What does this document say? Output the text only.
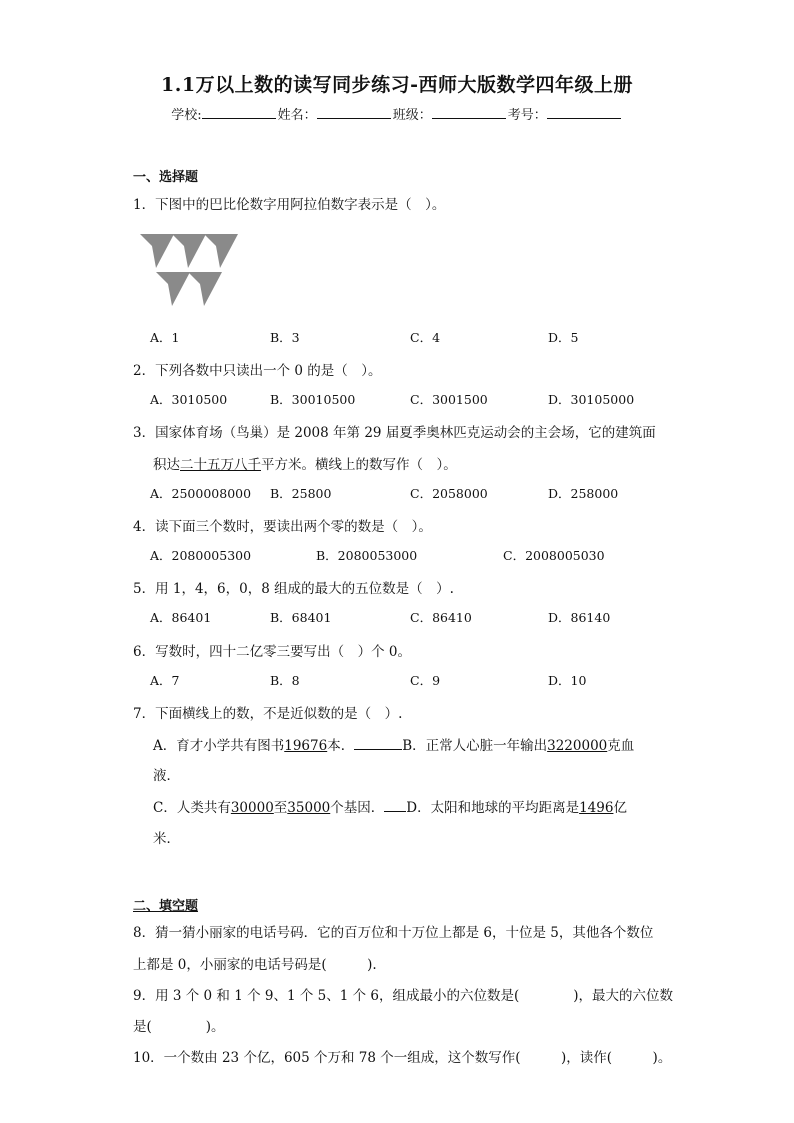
1.1万以上数的读写同步练习-西师大版数学四年级上册
学校:	姓名：	班级：	考号：
一、选择题
1．下图中的巴比伦数字用阿拉伯数字表示是（　）。
A．1	B．3	C．4	D．5
2．下列各数中只读出一个 0 的是（　）。
A．3010500	B．30010500	C．3001500	D．30105000
3．国家体育场（鸟巢）是 2008 年第 29 届夏季奥林匹克运动会的主会场，它的建筑面
积达二十五万八千平方米。横线上的数写作（　）。
A．2500008000 B．25800	C．2058000	D．258000
4．读下面三个数时，要读出两个零的数是（　）。
A．2080005300	B．2080053000	C．2008005030
5．用 1，4，6，0，8 组成的最大的五位数是（　）.
A．86401	B．68401	C．86410	D．86140
6．写数时，四十二亿零三要写出（　）个 0。
A．7	B．8	C．9	D．10
7．下面横线上的数，不是近似数的是（　）.
A．育才小学共有图书19676本．	B．正常人心脏一年输出3220000克血
液．
C．人类共有30000至35000个基因． D．太阳和地球的平均距离是1496亿
米．
二、填空题
8．猜一猜小丽家的电话号码．它的百万位和十万位上都是 6，十位是 5，其他各个数位
上都是 0，小丽家的电话号码是(　　　).
9．用 3 个 0 和 1 个 9、1 个 5、1 个 6，组成最小的六位数是(　　　　)，最大的六位数
是(　　　　)。
10．一个数由 23 个亿，605 个万和 78 个一组成，这个数写作(　　　)，读作(　　　)。
